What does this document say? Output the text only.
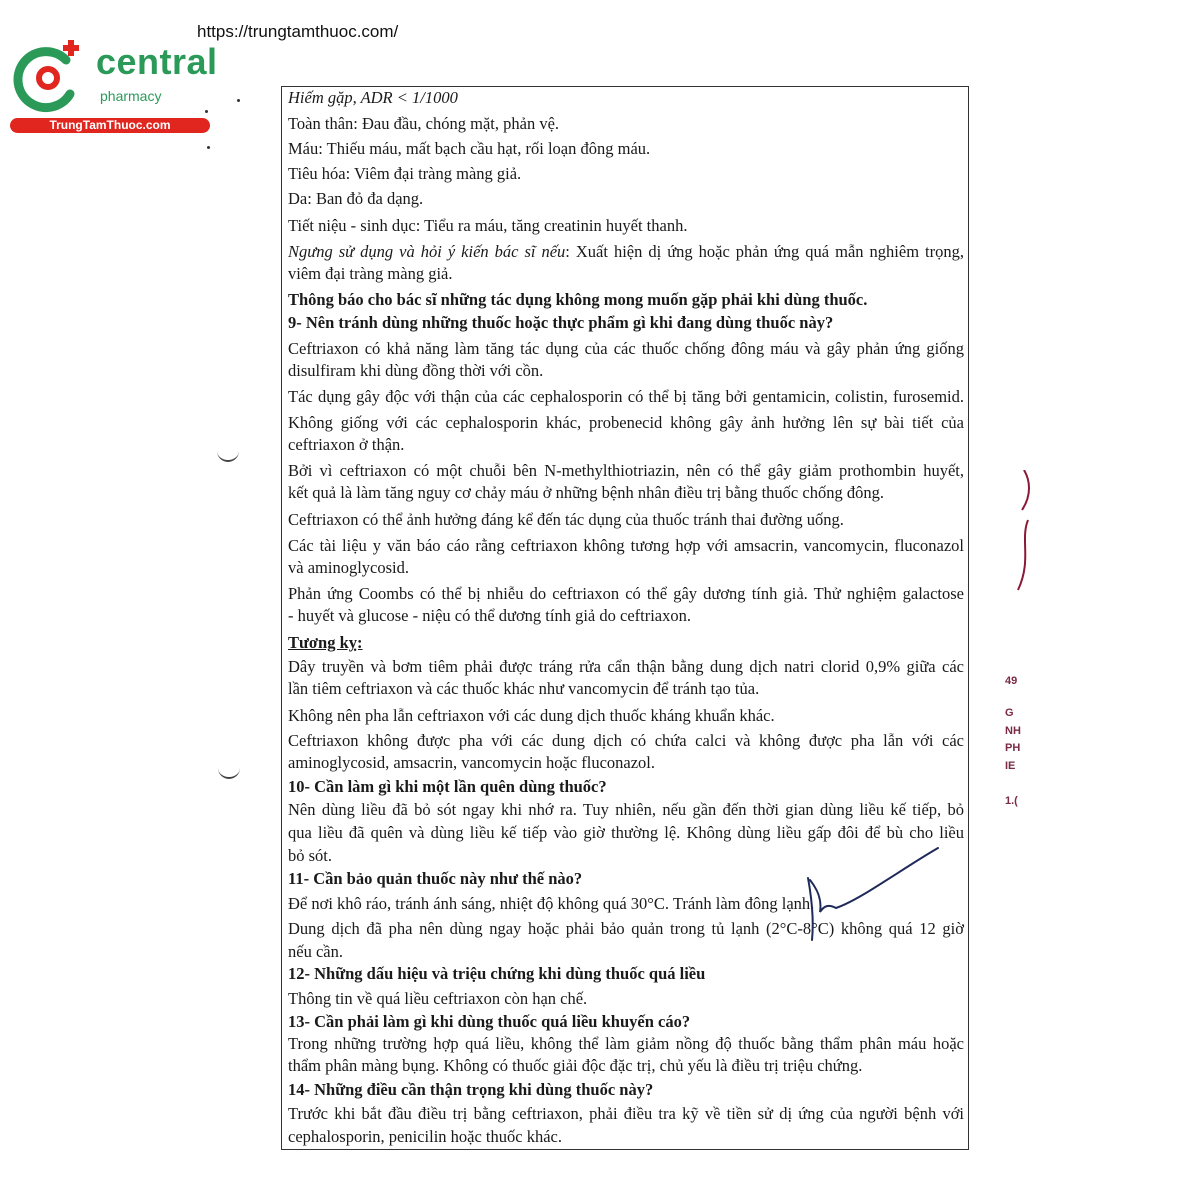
central
pharmacy
TrungTamThuoc.com
https://trungtamthuoc.com/
49
G
NH
PH
IE
1.(
Hiếm gặp, ADR < 1/1000
Toàn thân: Đau đầu, chóng mặt, phản vệ.
Máu: Thiếu máu, mất bạch cầu hạt, rối loạn đông máu.
Tiêu hóa: Viêm đại tràng màng giả.
Da: Ban đỏ đa dạng.
Tiết niệu - sinh dục: Tiểu ra máu, tăng creatinin huyết thanh.
Ngưng sử dụng và hỏi ý kiến bác sĩ nếu: Xuất hiện dị ứng hoặc phản ứng quá mẫn nghiêm trọng,
viêm đại tràng màng giả.
Thông báo cho bác sĩ những tác dụng không mong muốn gặp phải khi dùng thuốc.
9- Nên tránh dùng những thuốc hoặc thực phẩm gì khi đang dùng thuốc này?
Ceftriaxon có khả năng làm tăng tác dụng của các thuốc chống đông máu và gây phản ứng giống
disulfiram khi dùng đồng thời với cồn.
Tác dụng gây độc với thận của các cephalosporin có thể bị tăng bởi gentamicin, colistin, furosemid.
Không giống với các cephalosporin khác, probenecid không gây ảnh hưởng lên sự bài tiết của
ceftriaxon ở thận.
Bởi vì ceftriaxon có một chuỗi bên N-methylthiotriazin, nên có thể gây giảm prothombin huyết,
kết quả là làm tăng nguy cơ chảy máu ở những bệnh nhân điều trị bằng thuốc chống đông.
Ceftriaxon có thể ảnh hưởng đáng kể đến tác dụng của thuốc tránh thai đường uống.
Các tài liệu y văn báo cáo rằng ceftriaxon không tương hợp với amsacrin, vancomycin, fluconazol
và aminoglycosid.
Phản ứng Coombs có thể bị nhiễu do ceftriaxon có thể gây dương tính giả. Thử nghiệm galactose
- huyết và glucose - niệu có thể dương tính giả do ceftriaxon.
Tương kỵ:
Dây truyền và bơm tiêm phải được tráng rửa cẩn thận bằng dung dịch natri clorid 0,9% giữa các
lần tiêm ceftriaxon và các thuốc khác như vancomycin để tránh tạo tủa.
Không nên pha lẫn ceftriaxon với các dung dịch thuốc kháng khuẩn khác.
Ceftriaxon không được pha với các dung dịch có chứa calci và không được pha lẫn với các
aminoglycosid, amsacrin, vancomycin hoặc fluconazol.
10- Cần làm gì khi một lần quên dùng thuốc?
Nên dùng liều đã bỏ sót ngay khi nhớ ra. Tuy nhiên, nếu gần đến thời gian dùng liều kế tiếp, bỏ
qua liều đã quên và dùng liều kế tiếp vào giờ thường lệ. Không dùng liều gấp đôi để bù cho liều
bỏ sót.
11- Cần bảo quản thuốc này như thế nào?
Để nơi khô ráo, tránh ánh sáng, nhiệt độ không quá 30°C. Tránh làm đông lạnh.
Dung dịch đã pha nên dùng ngay hoặc phải bảo quản trong tủ lạnh (2°C-8°C) không quá 12 giờ
nếu cần.
12- Những dấu hiệu và triệu chứng khi dùng thuốc quá liều
Thông tin về quá liều ceftriaxon còn hạn chế.
13- Cần phải làm gì khi dùng thuốc quá liều khuyến cáo?
Trong những trường hợp quá liều, không thể làm giảm nồng độ thuốc bằng thẩm phân máu hoặc
thẩm phân màng bụng. Không có thuốc giải độc đặc trị, chủ yếu là điều trị triệu chứng.
14- Những điều cần thận trọng khi dùng thuốc này?
Trước khi bắt đầu điều trị bằng ceftriaxon, phải điều tra kỹ về tiền sử dị ứng của người bệnh với
cephalosporin, penicilin hoặc thuốc khác.
